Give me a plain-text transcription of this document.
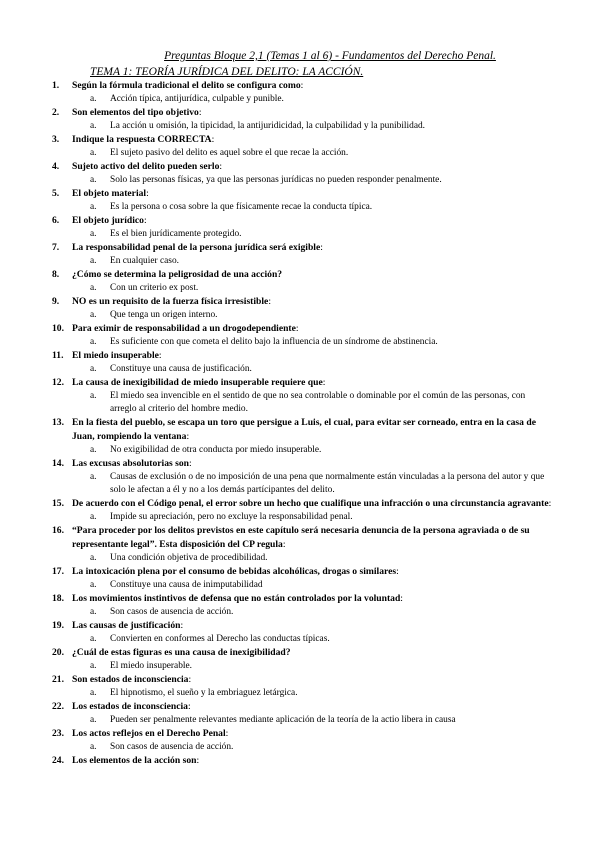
Preguntas Bloque 2,1 (Temas 1 al 6) - Fundamentos del Derecho Penal.
TEMA 1: TEORÍA JURÍDICA DEL DELITO: LA ACCIÓN.
1.	Según la fórmula tradicional el delito se configura como:
a.	Acción típica, antijurídica, culpable y punible.
2.	Son elementos del tipo objetivo:
a.	La acción u omisión, la tipicidad, la antijuridicidad, la culpabilidad y la punibilidad.
3.	Indique la respuesta CORRECTA:
a.	El sujeto pasivo del delito es aquel sobre el que recae la acción.
4.	Sujeto activo del delito pueden serlo:
a.	Solo las personas físicas, ya que las personas jurídicas no pueden responder penalmente.
5.	El objeto material:
a.	Es la persona o cosa sobre la que físicamente recae la conducta típica.
6.	El objeto jurídico:
a.	Es el bien jurídicamente protegido.
7.	La responsabilidad penal de la persona jurídica será exigible:
a.	En cualquier caso.
8.	¿Cómo se determina la peligrosidad de una acción?
a.	Con un criterio ex post.
9.	NO es un requisito de la fuerza física irresistible:
a.	Que tenga un origen interno.
10. Para eximir de responsabilidad a un drogodependiente:
a.	Es suficiente con que cometa el delito bajo la influencia de un síndrome de abstinencia.
11. El miedo insuperable:
a.	Constituye una causa de justificación.
12. La causa de inexigibilidad de miedo insuperable requiere que:
a.	El miedo sea invencible en el sentido de que no sea controlable o dominable por el común de las personas, con arreglo al criterio del hombre medio.
13. En la fiesta del pueblo, se escapa un toro que persigue a Luis, el cual, para evitar ser corneado, entra en la casa de Juan, rompiendo la ventana:
a.	No exigibilidad de otra conducta por miedo insuperable.
14. Las excusas absolutorias son:
a.	Causas de exclusión o de no imposición de una pena que normalmente están vinculadas a la persona del autor y que solo le afectan a él y no a los demás partícipantes del delito.
15. De acuerdo con el Código penal, el error sobre un hecho que cualifique una infracción o una circunstancia agravante:
a.	Impide su apreciación, pero no excluye la responsabilidad penal.
16. “Para proceder por los delitos previstos en este capítulo será necesaria denuncia de la persona agraviada o de su representante legal”. Esta disposición del CP regula:
a.	Una condición objetiva de procedibilidad.
17. La intoxicación plena por el consumo de bebidas alcohólicas, drogas o similares:
a.	Constituye una causa de inimputabilidad
18. Los movimientos instintivos de defensa que no están controlados por la voluntad:
a.	Son casos de ausencia de acción.
19. Las causas de justificación:
a.	Convierten en conformes al Derecho las conductas típicas.
20. ¿Cuál de estas figuras es una causa de inexigibilidad?
a.	El miedo insuperable.
21. Son estados de inconsciencia:
a.	El hipnotismo, el sueño y la embriaguez letárgica.
22. Los estados de inconsciencia:
a.	Pueden ser penalmente relevantes mediante aplicación de la teoría de la actio libera in causa
23. Los actos reflejos en el Derecho Penal:
a.	Son casos de ausencia de acción.
24. Los elementos de la acción son:
